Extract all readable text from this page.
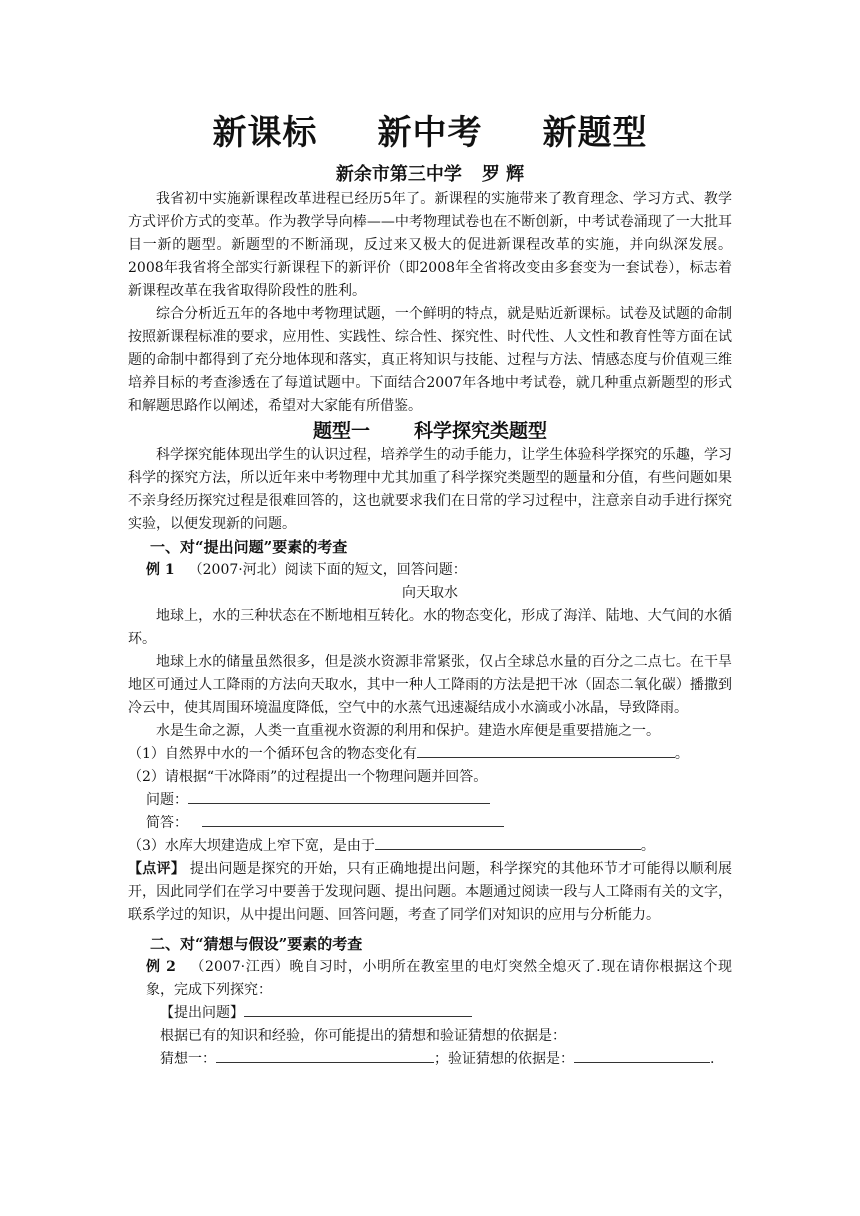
新课标 新中考 新题型
新余市第三中学 罗 辉

我省初中实施新课程改革进程已经历5年了。新课程的实施带来了教育理念、学习方式、教学方式评价方式的变革。作为教学导向棒——中考物理试卷也在不断创新，中考试卷涌现了一大批耳目一新的题型。新题型的不断涌现，反过来又极大的促进新课程改革的实施，并向纵深发展。2008年我省将全部实行新课程下的新评价（即2008年全省将改变由多套变为一套试卷），标志着新课程改革在我省取得阶段性的胜利。

综合分析近五年的各地中考物理试题，一个鲜明的特点，就是贴近新课标。试卷及试题的命制按照新课程标准的要求，应用性、实践性、综合性、探究性、时代性、人文性和教育性等方面在试题的命制中都得到了充分地体现和落实，真正将知识与技能、过程与方法、情感态度与价值观三维培养目标的考查渗透在了每道试题中。下面结合2007年各地中考试卷，就几种重点新题型的形式和解题思路作以阐述，希望对大家能有所借鉴。

题型一 科学探究类题型

科学探究能体现出学生的认识过程，培养学生的动手能力，让学生体验科学探究的乐趣，学习科学的探究方法，所以近年来中考物理中尤其加重了科学探究类题型的题量和分值，有些问题如果不亲身经历探究过程是很难回答的，这也就要求我们在日常的学习过程中，注意亲自动手进行探究实验，以便发现新的问题。

一、对“提出问题”要素的考查

例 1 （2007·河北）阅读下面的短文，回答问题：

向天取水

地球上，水的三种状态在不断地相互转化。水的物态变化，形成了海洋、陆地、大气间的水循环。

地球上水的储量虽然很多，但是淡水资源非常紧张，仅占全球总水量的百分之二点七。在干旱地区可通过人工降雨的方法向天取水，其中一种人工降雨的方法是把干冰（固态二氧化碳）播撒到冷云中，使其周围环境温度降低，空气中的水蒸气迅速凝结成小水滴或小冰晶，导致降雨。

水是生命之源，人类一直重视水资源的利用和保护。建造水库便是重要措施之一。

（1）自然界中水的一个循环包含的物态变化有	。

（2）请根据“干冰降雨”的过程提出一个物理问题并回答。

问题：

简答：

（3）水库大坝建造成上窄下宽，是由于	。

【点评】 提出问题是探究的开始，只有正确地提出问题，科学探究的其他环节才可能得以顺利展开，因此同学们在学习中要善于发现问题、提出问题。本题通过阅读一段与人工降雨有关的文字，联系学过的知识，从中提出问题、回答问题，考查了同学们对知识的应用与分析能力。

二、对“猜想与假设”要素的考查

例 2 （2007·江西）晚自习时，小明所在教室里的电灯突然全熄灭了.现在请你根据这个现象，完成下列探究：

【提出问题】

根据已有的知识和经验，你可能提出的猜想和验证猜想的依据是：

猜想一：	；验证猜想的依据是：	.
